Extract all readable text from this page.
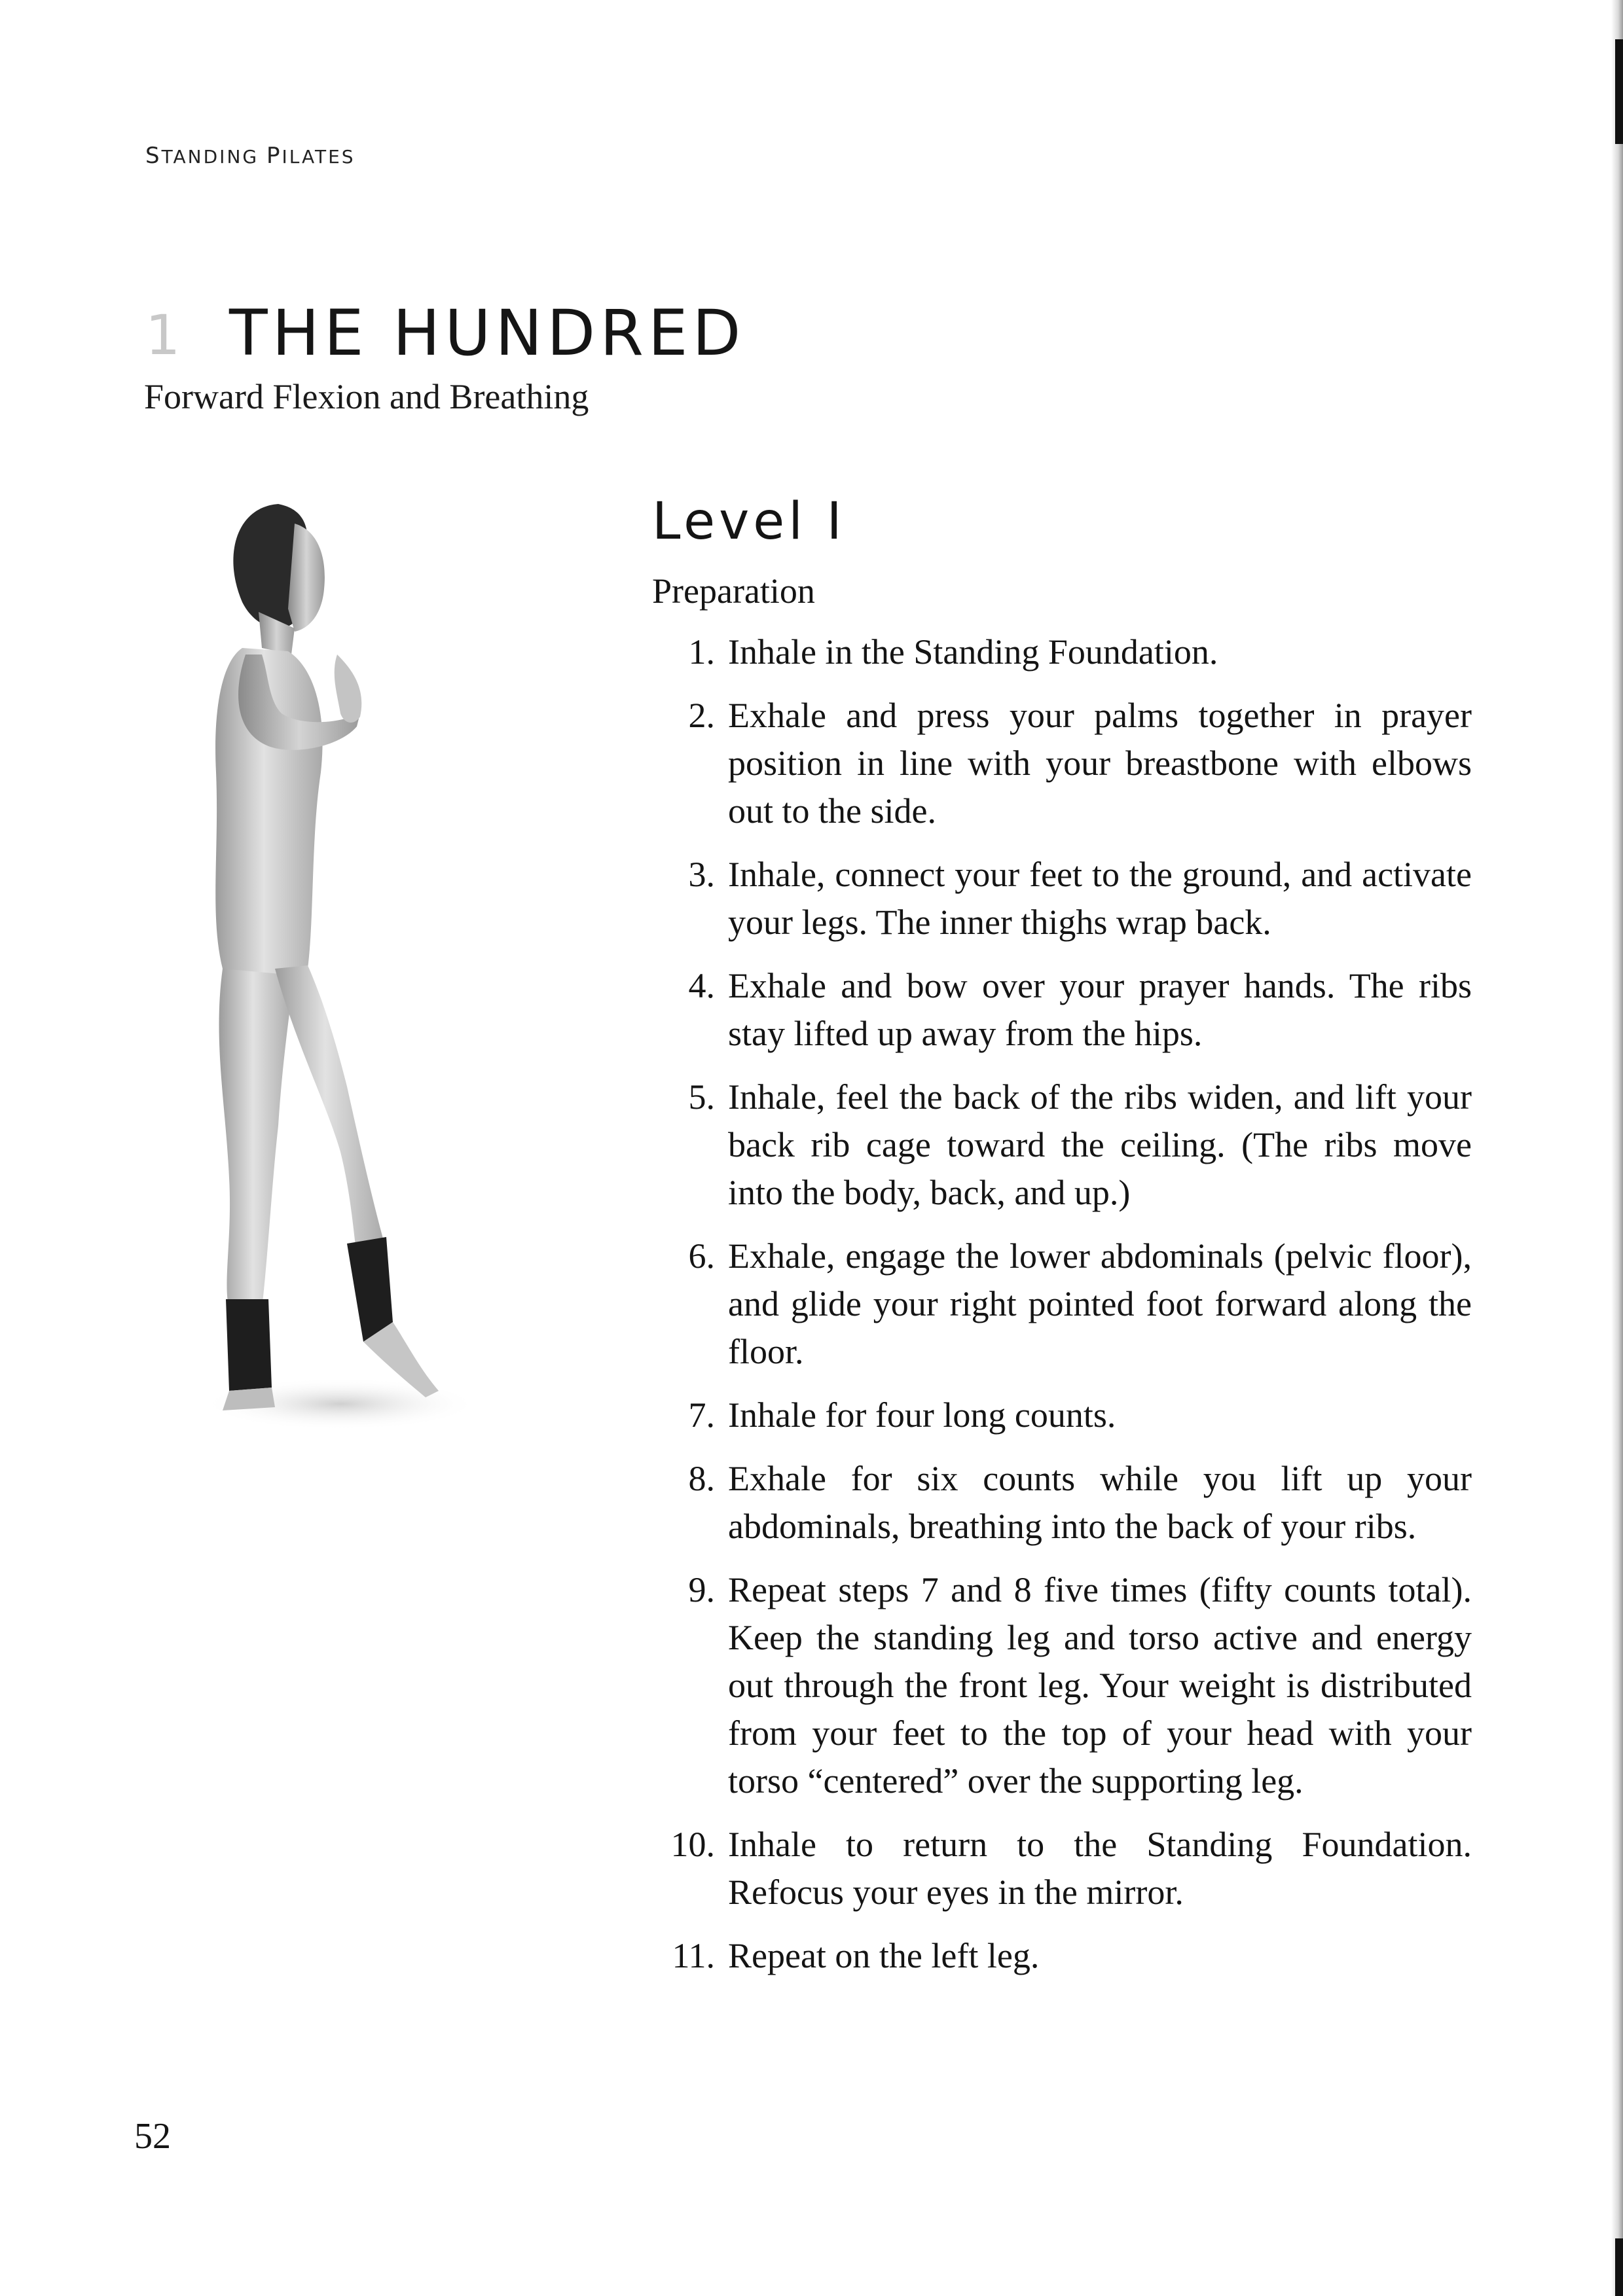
STANDING PILATES
1 THE HUNDRED
Forward Flexion and Breathing
Level I
Preparation
1. Inhale in the Standing Foundation.
2. Exhale and press your palms together in prayer position in line with your breastbone with elbows out to the side.
3. Inhale, connect your feet to the ground, and activate your legs. The inner thighs wrap back.
4. Exhale and bow over your prayer hands. The ribs stay lifted up away from the hips.
5. Inhale, feel the back of the ribs widen, and lift your back rib cage toward the ceiling. (The ribs move into the body, back, and up.)
6. Exhale, engage the lower abdominals (pelvic floor), and glide your right pointed foot forward along the floor.
7. Inhale for four long counts.
8. Exhale for six counts while you lift up your abdominals, breathing into the back of your ribs.
9. Repeat steps 7 and 8 five times (fifty counts total). Keep the standing leg and torso active and energy out through the front leg. Your weight is distributed from your feet to the top of your head with your torso “centered” over the supporting leg.
10. Inhale to return to the Standing Foundation. Refocus your eyes in the mirror.
11. Repeat on the left leg.
52
